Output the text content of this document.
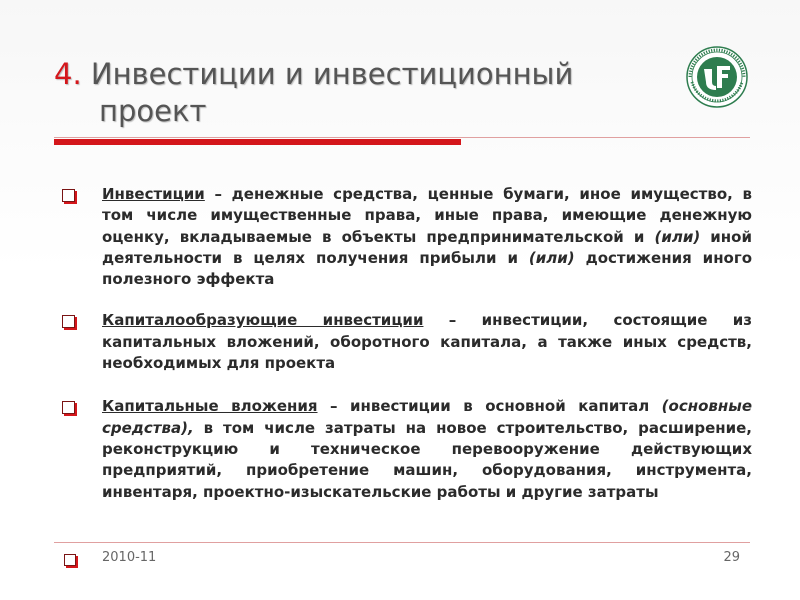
4. Инвестиции и инвестиционный
проект
Инвестиции – денежные средства, ценные бумаги, иное имущество, в том числе имущественные права, иные права, имеющие денежную оценку, вкладываемые в объекты предпринимательской и (или) иной деятельности в целях получения прибыли и (или) достижения иного полезного эффекта
Капиталообразующие инвестиции – инвестиции, состоящие из капитальных вложений, оборотного капитала, а также иных средств, необходимых для проекта
Капитальные вложения – инвестиции в основной капитал (основные средства), в том числе затраты на новое строительство, расширение, реконструкцию и техническое перевооружение действующих предприятий, приобретение машин, оборудования, инструмента, инвентаря, проектно-изыскательские работы и другие затраты
2010-11	29
